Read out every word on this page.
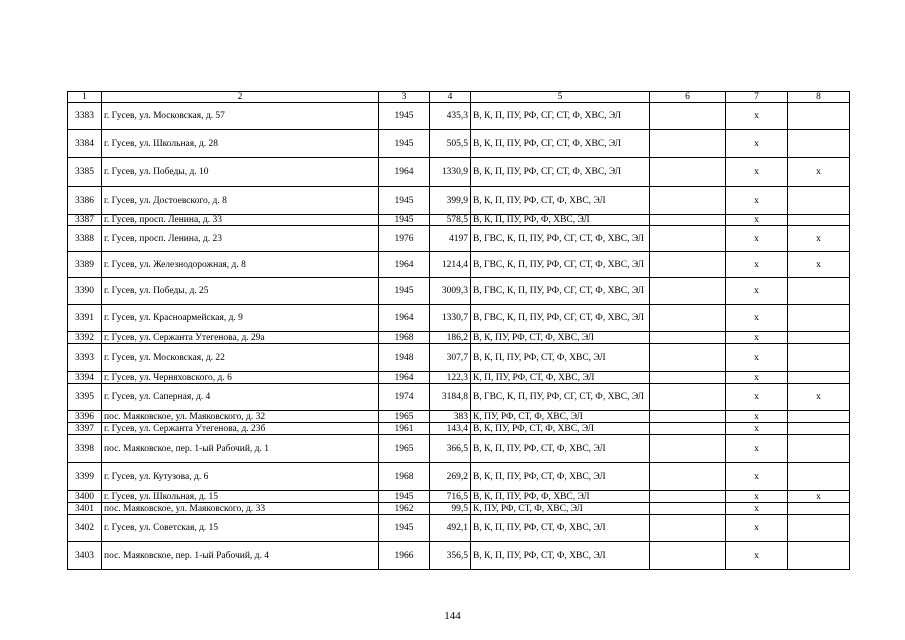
1	2	3	4	5	6	7	8
3383	г. Гусев, ул. Московская, д. 57	1945	435,3	В, К, П, ПУ, РФ, СГ, СТ, Ф, ХВС, ЭЛ		х	
3384	г. Гусев, ул. Школьная, д. 28	1945	505,5	В, К, П, ПУ, РФ, СГ, СТ, Ф, ХВС, ЭЛ		х	
3385	г. Гусев, ул. Победы, д. 10	1964	1330,9	В, К, П, ПУ, РФ, СГ, СТ, Ф, ХВС, ЭЛ		х	х
3386	г. Гусев, ул. Достоевского, д. 8	1945	399,9	В, К, П, ПУ, РФ, СТ, Ф, ХВС, ЭЛ		х	
3387	г. Гусев, просп. Ленина, д. 33	1945	578,5	В, К, П, ПУ, РФ, Ф, ХВС, ЭЛ		х	
3388	г. Гусев, просп. Ленина, д. 23	1976	4197	В, ГВС, К, П, ПУ, РФ, СГ, СТ, Ф, ХВС, ЭЛ		х	х
3389	г. Гусев, ул. Железнодорожная, д. 8	1964	1214,4	В, ГВС, К, П, ПУ, РФ, СГ, СТ, Ф, ХВС, ЭЛ		х	х
3390	г. Гусев, ул. Победы, д. 25	1945	3009,3	В, ГВС, К, П, ПУ, РФ, СГ, СТ, Ф, ХВС, ЭЛ		х	
3391	г. Гусев, ул. Красноармейская, д. 9	1964	1330,7	В, ГВС, К, П, ПУ, РФ, СГ, СТ, Ф, ХВС, ЭЛ		х	
3392	г. Гусев, ул. Сержанта Утегенова, д. 29а	1968	186,2	В, К, ПУ, РФ, СТ, Ф, ХВС, ЭЛ		х	
3393	г. Гусев, ул. Московская, д. 22	1948	307,7	В, К, П, ПУ, РФ, СТ, Ф, ХВС, ЭЛ		х	
3394	г. Гусев, ул. Черняховского, д. 6	1964	122,3	К, П, ПУ, РФ, СТ, Ф, ХВС, ЭЛ		х	
3395	г. Гусев, ул. Саперная, д. 4	1974	3184,8	В, ГВС, К, П, ПУ, РФ, СГ, СТ, Ф, ХВС, ЭЛ		х	х
3396	пос. Маяковское, ул. Маяковского, д. 32	1965	383	К, ПУ, РФ, СТ, Ф, ХВС, ЭЛ		х	
3397	г. Гусев, ул. Сержанта Утегенова, д. 23б	1961	143,4	В, К, ПУ, РФ, СТ, Ф, ХВС, ЭЛ		х	
3398	пос. Маяковское, пер. 1-ый Рабочий, д. 1	1965	366,5	В, К, П, ПУ, РФ, СТ, Ф, ХВС, ЭЛ		х	
3399	г. Гусев, ул. Кутузова, д. 6	1968	269,2	В, К, П, ПУ, РФ, СТ, Ф, ХВС, ЭЛ		х	
3400	г. Гусев, ул. Школьная, д. 15	1945	716,5	В, К, П, ПУ, РФ, Ф, ХВС, ЭЛ		х	х
3401	пос. Маяковское, ул. Маяковского, д. 33	1962	99,5	К, ПУ, РФ, СТ, Ф, ХВС, ЭЛ		х	
3402	г. Гусев, ул. Советская, д. 15	1945	492,1	В, К, П, ПУ, РФ, СТ, Ф, ХВС, ЭЛ		х	
3403	пос. Маяковское, пер. 1-ый Рабочий, д. 4	1966	356,5	В, К, П, ПУ, РФ, СТ, Ф, ХВС, ЭЛ		х	
144
